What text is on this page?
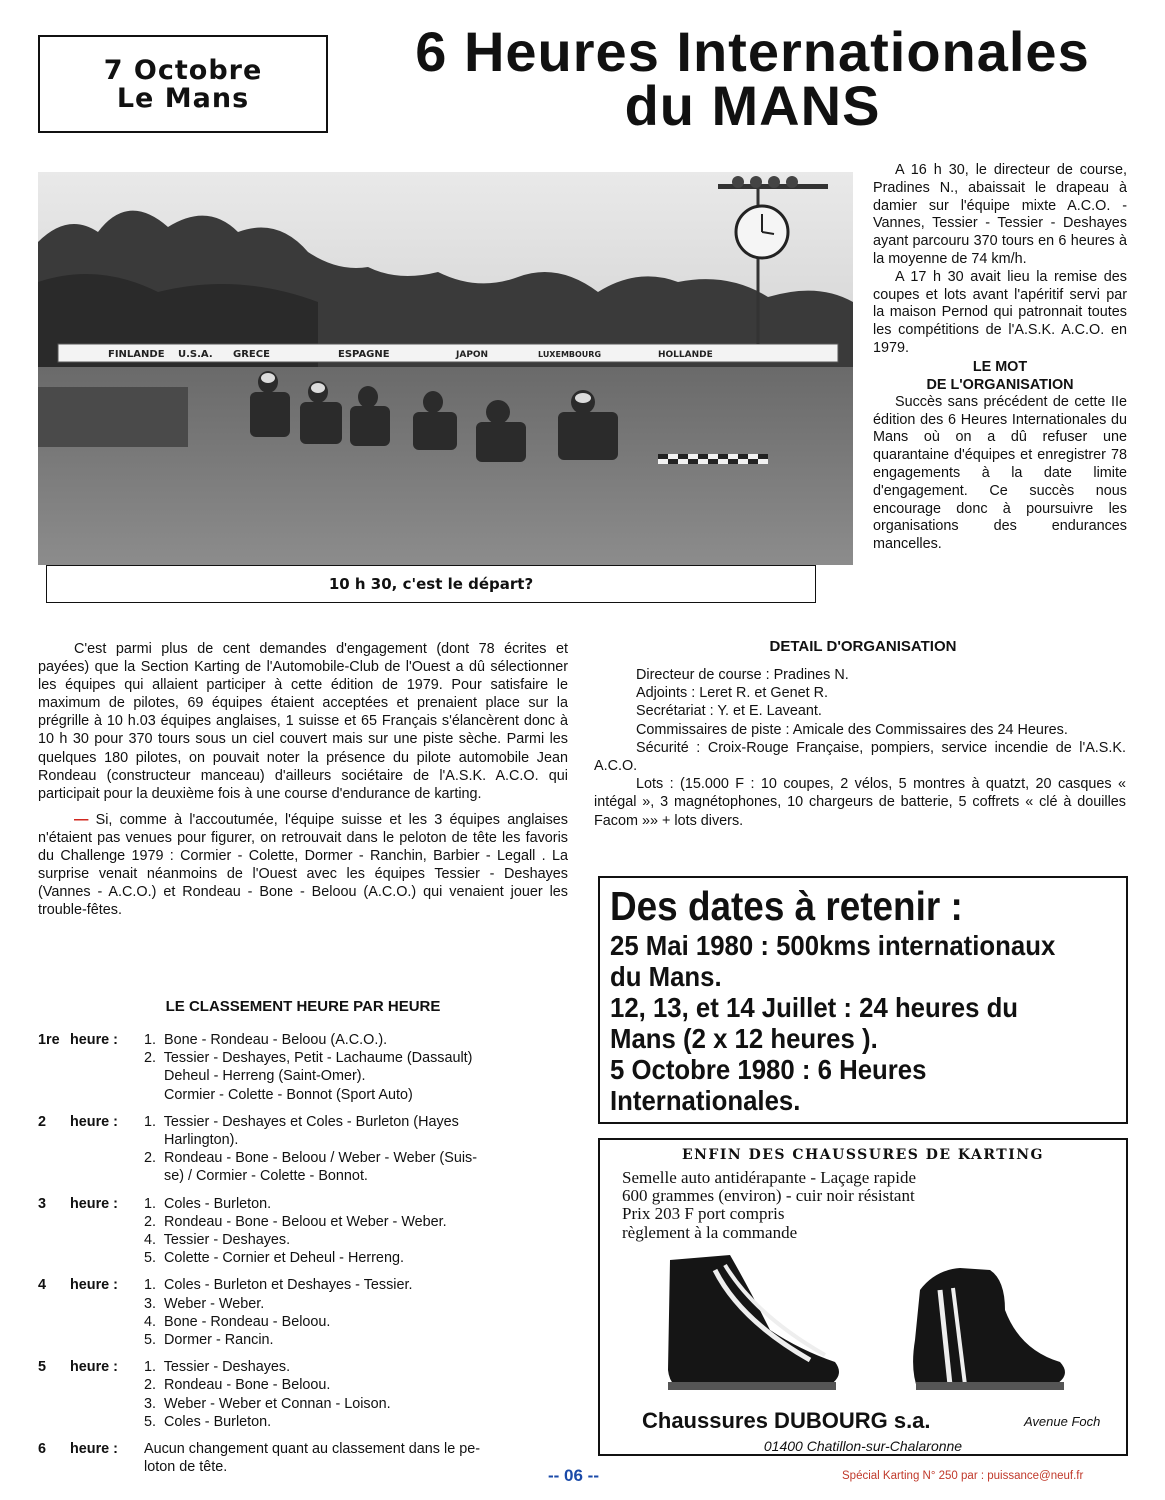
7 Octobre
Le Mans
6 Heures Internationales
du MANS
FINLANDE U.S.A. GRECE	ESPAGNE	JAPON	LUXEMBOURG	HOLLANDE
10 h 30, c'est le départ?

A 16 h 30, le directeur de course, Pradines N., abaissait le drapeau à damier sur l'équipe mixte A.C.O. - Vannes, Tessier - Tessier - Deshayes ayant parcouru 370 tours en 6 heures à la moyenne de 74 km/h.

A 17 h 30 avait lieu la remise des coupes et lots avant l'apéritif servi par la maison Pernod qui patronnait toutes les compétitions de l'A.S.K. A.C.O. en 1979.

LE MOT
DE L'ORGANISATION

Succès sans précédent de cette IIe édition des 6 Heures Internationales du Mans où on a dû refuser une quarantaine d'équipes et enregistrer 78 engagements à la date limite d'engagement. Ce succès nous encourage donc à poursuivre les organisations des endurances mancelles.

C'est parmi plus de cent demandes d'engagement (dont 78 écrites et payées) que la Section Karting de l'Automobile-Club de l'Ouest a dû sélectionner les équipes qui allaient participer à cette édition de 1979. Pour satisfaire le maximum de pilotes, 69 équipes étaient acceptées et prenaient place sur la prégrille à 10 h.03 équipes anglaises, 1 suisse et 65 Français s'élancèrent donc à 10 h 30 pour 370 tours sous un ciel couvert mais sur une piste sèche. Parmi les quelques 180 pilotes, on pouvait noter la présence du pilote automobile Jean Rondeau (constructeur manceau) d'ailleurs sociétaire de l'A.S.K. A.C.O. qui participait pour la deuxième fois à une course d'endurance de karting.

— Si, comme à l'accoutumée, l'équipe suisse et les 3 équipes anglaises n'étaient pas venues pour figurer, on retrouvait dans le peloton de tête les favoris du Challenge 1979 : Cormier - Colette, Dormer - Ranchin, Barbier - Legall . La surprise venait néanmoins de l'Ouest avec les équipes Tessier - Deshayes (Vannes - A.C.O.) et Rondeau - Bone - Beloou (A.C.O.) qui venaient jouer les trouble-fêtes.

LE CLASSEMENT HEURE PAR HEURE
1re heure : 1.  Bone - Rondeau - Beloou (A.C.O.).
2.  Tessier - Deshayes, Petit - Lachaume (Dassault)
Deheul - Herreng (Saint-Omer).
Cormier - Colette - Bonnot (Sport Auto)
2	heure : 1.  Tessier - Deshayes et Coles - Burleton (Hayes
Harlington).
2.  Rondeau - Bone - Beloou / Weber - Weber (Suis-
se) / Cormier - Colette - Bonnot.
3	heure : 1.  Coles - Burleton.
2.  Rondeau - Bone - Beloou et Weber - Weber.
4.  Tessier - Deshayes.
5.  Colette - Cornier et Deheul - Herreng.
4	heure : 1.  Coles - Burleton et Deshayes - Tessier.
3.  Weber - Weber.
4.  Bone - Rondeau - Beloou.
5.  Dormer - Rancin.
5	heure : 1.  Tessier - Deshayes.
2.  Rondeau - Bone - Beloou.
3.  Weber - Weber et Connan - Loison.
5.  Coles - Burleton.
6	heure : Aucun changement quant au classement dans le pe-
loton de tête.
DETAIL D'ORGANISATION

Directeur de course : Pradines N.

Adjoints : Leret R. et Genet R.

Secrétariat : Y. et E. Laveant.

Commissaires de piste : Amicale des Commissaires des 24 Heures.

Sécurité : Croix-Rouge Française, pompiers, service incendie de l'A.S.K. A.C.O.

Lots : (15.000 F : 10 coupes, 2 vélos, 5 montres à quatzt, 20 casques « intégal », 3 magnétophones, 10 chargeurs de batterie, 5 coffrets « clé à douilles Facom »» + lots divers.

Des dates à retenir :
25 Mai 1980 : 500kms internationaux du Mans.
12, 13, et 14 Juillet : 24 heures du Mans (2 x 12 heures ).
5 Octobre 1980 : 6 Heures Internationales.
ENFIN DES CHAUSSURES DE KARTING
Semelle auto antidérapante - Laçage rapide
600 grammes (environ) - cuir noir résistant
Prix 203 F port compris
règlement à la commande
Chaussures DUBOURG s.a.	Avenue Foch
01400 Chatillon-sur-Chalaronne
-- 06 --	Spécial Karting N° 250 par : puissance@neuf.fr
